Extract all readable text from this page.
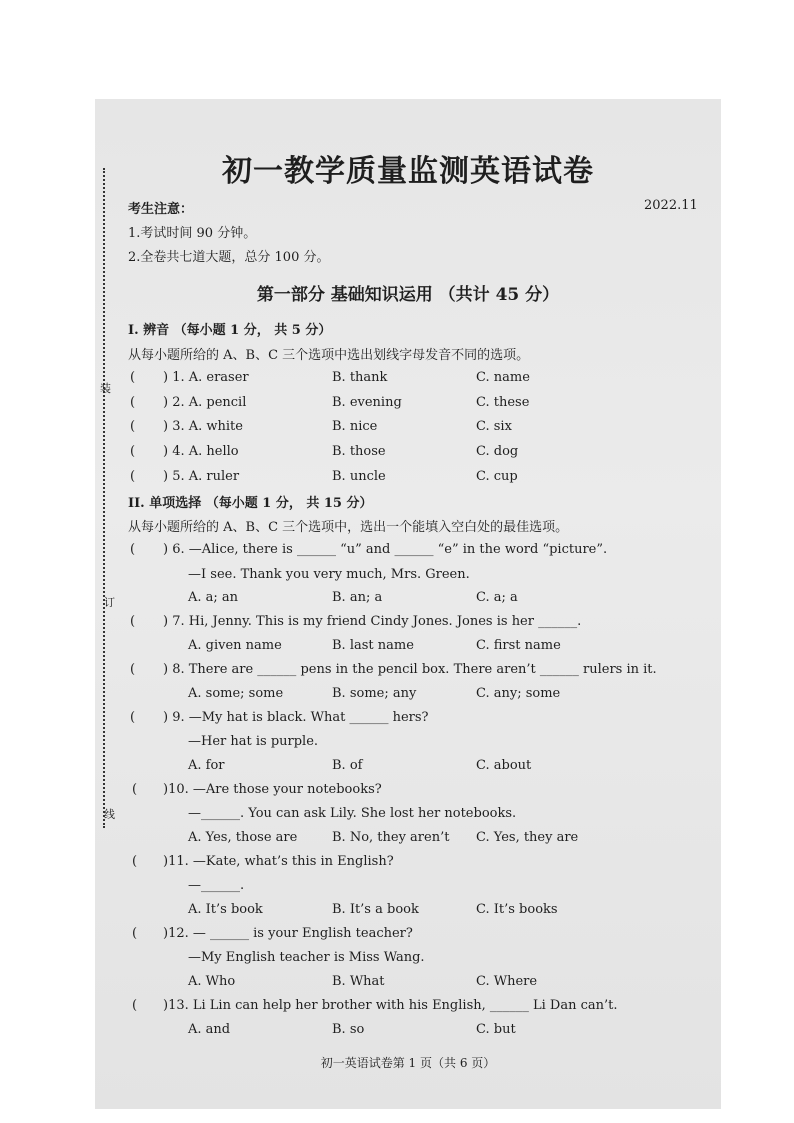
装
订
线
初一教学质量监测英语试卷
考生注意：	2022.11
1.考试时间 90 分钟。
2.全卷共七道大题，总分 100 分。
第一部分 基础知识运用 （共计 45 分）
I. 辨音 （每小题 1 分， 共 5 分）
从每小题所给的 A、B、C 三个选项中选出划线字母发音不同的选项。
( ) 1. A. eraser	B. thank	C. name
( ) 2. A. pencil	B. evening	C. these
( ) 3. A. white	B. nice	C. six
( ) 4. A. hello	B. those	C. dog
( ) 5. A. ruler	B. uncle	C. cup
II. 单项选择 （每小题 1 分， 共 15 分）
从每小题所给的 A、B、C 三个选项中，选出一个能填入空白处的最佳选项。
( ) 6. —Alice, there is ______ “u” and ______ “e” in the word “picture”.
—I see. Thank you very much, Mrs. Green.
A. a; an	B. an; a	C. a; a
( ) 7. Hi, Jenny. This is my friend Cindy Jones. Jones is her ______.
A. given name	B. last name	C. first name
( ) 8. There are ______ pens in the pencil box. There aren’t ______ rulers in it.
A. some; some	B. some; any	C. any; some
( ) 9. —My hat is black. What ______ hers?
—Her hat is purple.
A. for	B. of	C. about
( )10. —Are those your notebooks?
—______. You can ask Lily. She lost her notebooks.
A. Yes, those are	B. No, they aren’t C. Yes, they are
( )11. —Kate, what’s this in English?
—______.
A. It’s book	B. It’s a book	C. It’s books
( )12. — ______ is your English teacher?
—My English teacher is Miss Wang.
A. Who	B. What	C. Where
( )13. Li Lin can help her brother with his English, ______ Li Dan can’t.
A. and	B. so	C. but
初一英语试卷第 1 页（共 6 页）
